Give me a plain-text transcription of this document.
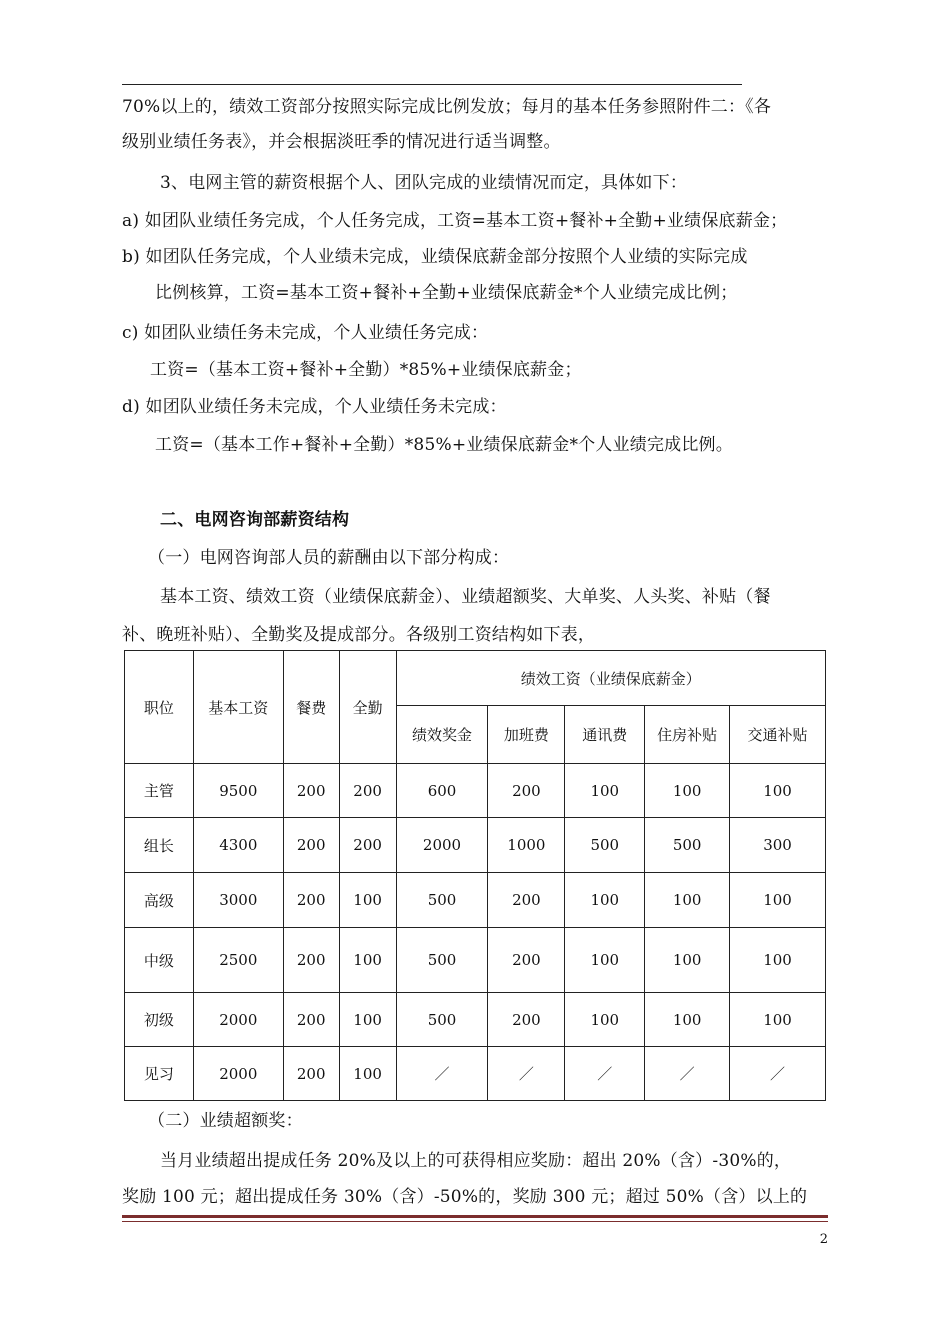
70%以上的，绩效工资部分按照实际完成比例发放；每月的基本任务参照附件二：《各
级别业绩任务表》，并会根据淡旺季的情况进行适当调整。
3、电网主管的薪资根据个人、团队完成的业绩情况而定，具体如下：
a) 如团队业绩任务完成，个人任务完成，工资=基本工资+餐补+全勤+业绩保底薪金；
b) 如团队任务完成，个人业绩未完成，业绩保底薪金部分按照个人业绩的实际完成
比例核算，工资=基本工资+餐补+全勤+业绩保底薪金*个人业绩完成比例；
c) 如团队业绩任务未完成，个人业绩任务完成：
工资=（基本工资+餐补+全勤）*85%+业绩保底薪金；
d) 如团队业绩任务未完成，个人业绩任务未完成：
工资=（基本工作+餐补+全勤）*85%+业绩保底薪金*个人业绩完成比例。
二、电网咨询部薪资结构
（一）电网咨询部人员的薪酬由以下部分构成：
基本工资、绩效工资（业绩保底薪金）、业绩超额奖、大单奖、人头奖、补贴（餐
补、晚班补贴）、全勤奖及提成部分。各级别工资结构如下表，
职位	基本工资	餐费	全勤	绩效工资（业绩保底薪金）				
				绩效奖金	加班费	通讯费	住房补贴	交通补贴
主管	9500	200	200	600	200	100	100	100
组长	4300	200	200	2000	1000	500	500	300
高级	3000	200	100	500	200	100	100	100
中级	2500	200	100	500	200	100	100	100
初级	2000	200	100	500	200	100	100	100
见习	2000	200	100	／	／	／	／	／
（二）业绩超额奖：
当月业绩超出提成任务 20%及以上的可获得相应奖励：超出 20%（含）-30%的，
奖励 100 元；超出提成任务 30%（含）-50%的，奖励 300 元；超过 50%（含）以上的
2
